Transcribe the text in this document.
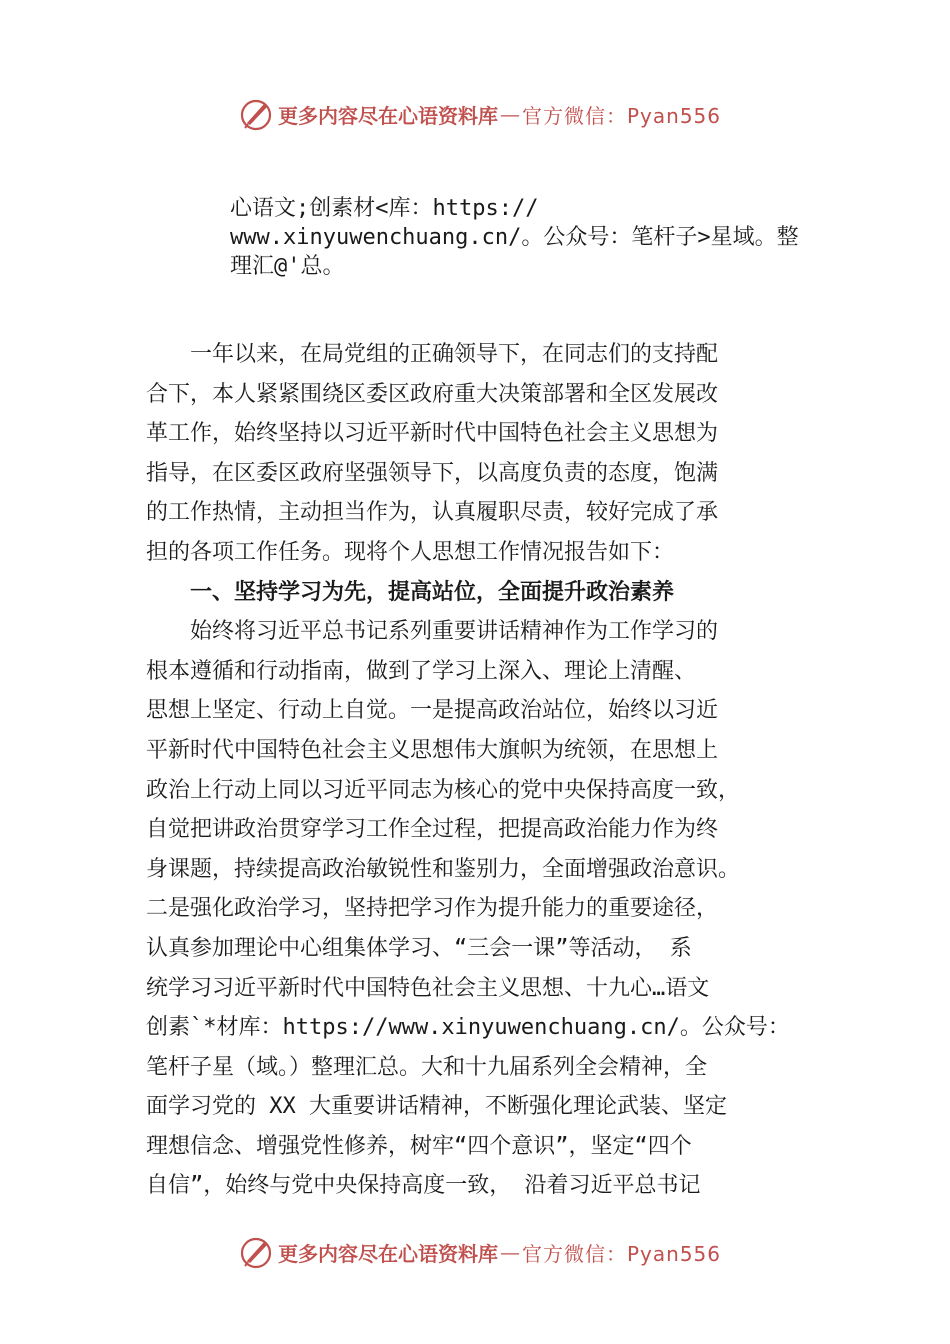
更多内容尽在心语资料库 — 官方微信：Pyan556
心语文;创素材<库：https://
www.xinyuwenchuang.cn/。公众号：笔杆子>星域。整
理汇@'总。
　　一年以来，在局党组的正确领导下，在同志们的支持配
合下，本人紧紧围绕区委区政府重大决策部署和全区发展改
革工作，始终坚持以习近平新时代中国特色社会主义思想为
指导，在区委区政府坚强领导下，以高度负责的态度，饱满
的工作热情，主动担当作为，认真履职尽责，较好完成了承
担的各项工作任务。现将个人思想工作情况报告如下：
　　一、坚持学习为先，提高站位，全面提升政治素养
　　始终将习近平总书记系列重要讲话精神作为工作学习的
根本遵循和行动指南，做到了学习上深入、理论上清醒、
思想上坚定、行动上自觉。一是提高政治站位，始终以习近
平新时代中国特色社会主义思想伟大旗帜为统领，在思想上
政治上行动上同以习近平同志为核心的党中央保持高度一致，
自觉把讲政治贯穿学习工作全过程，把提高政治能力作为终
身课题，持续提高政治敏锐性和鉴别力，全面增强政治意识。
二是强化政治学习，坚持把学习作为提升能力的重要途径，
认真参加理论中心组集体学习、“三会一课”等活动， 系
统学习习近平新时代中国特色社会主义思想、十九心…语文
创素`*材库：https://www.xinyuwenchuang.cn/。公众号：
笔杆子星（域。）整理汇总。大和十九届系列全会精神，全
面学习党的 XX 大重要讲话精神，不断强化理论武装、坚定
理想信念、增强党性修养，树牢“四个意识”，坚定“四个
自信”，始终与党中央保持高度一致， 沿着习近平总书记
更多内容尽在心语资料库 — 官方微信：Pyan556
